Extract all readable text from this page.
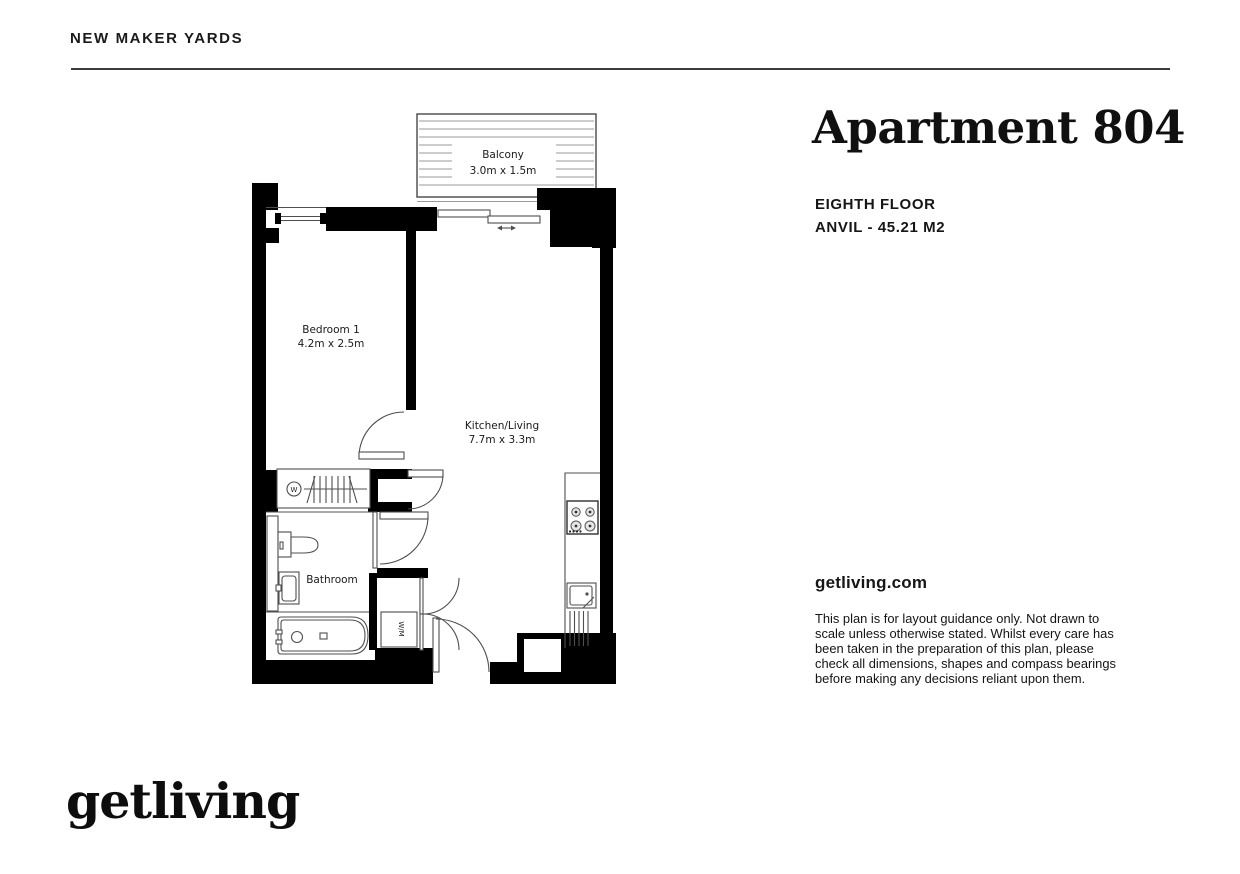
NEW MAKER YARDS
Apartment 804
EIGHTH FLOOR
ANVIL - 45.21 M2
getliving.com
This plan is for layout guidance only. Not drawn to
scale unless otherwise stated. Whilst every care has
been taken in the preparation of this plan, please
check all dimensions, shapes and compass bearings
before making any decisions reliant upon them.
getliving
Balcony
3.0m x 1.5m
W
Bathroom
W/M
Bedroom 1
4.2m x 2.5m
Kitchen/Living
7.7m x 3.3m
